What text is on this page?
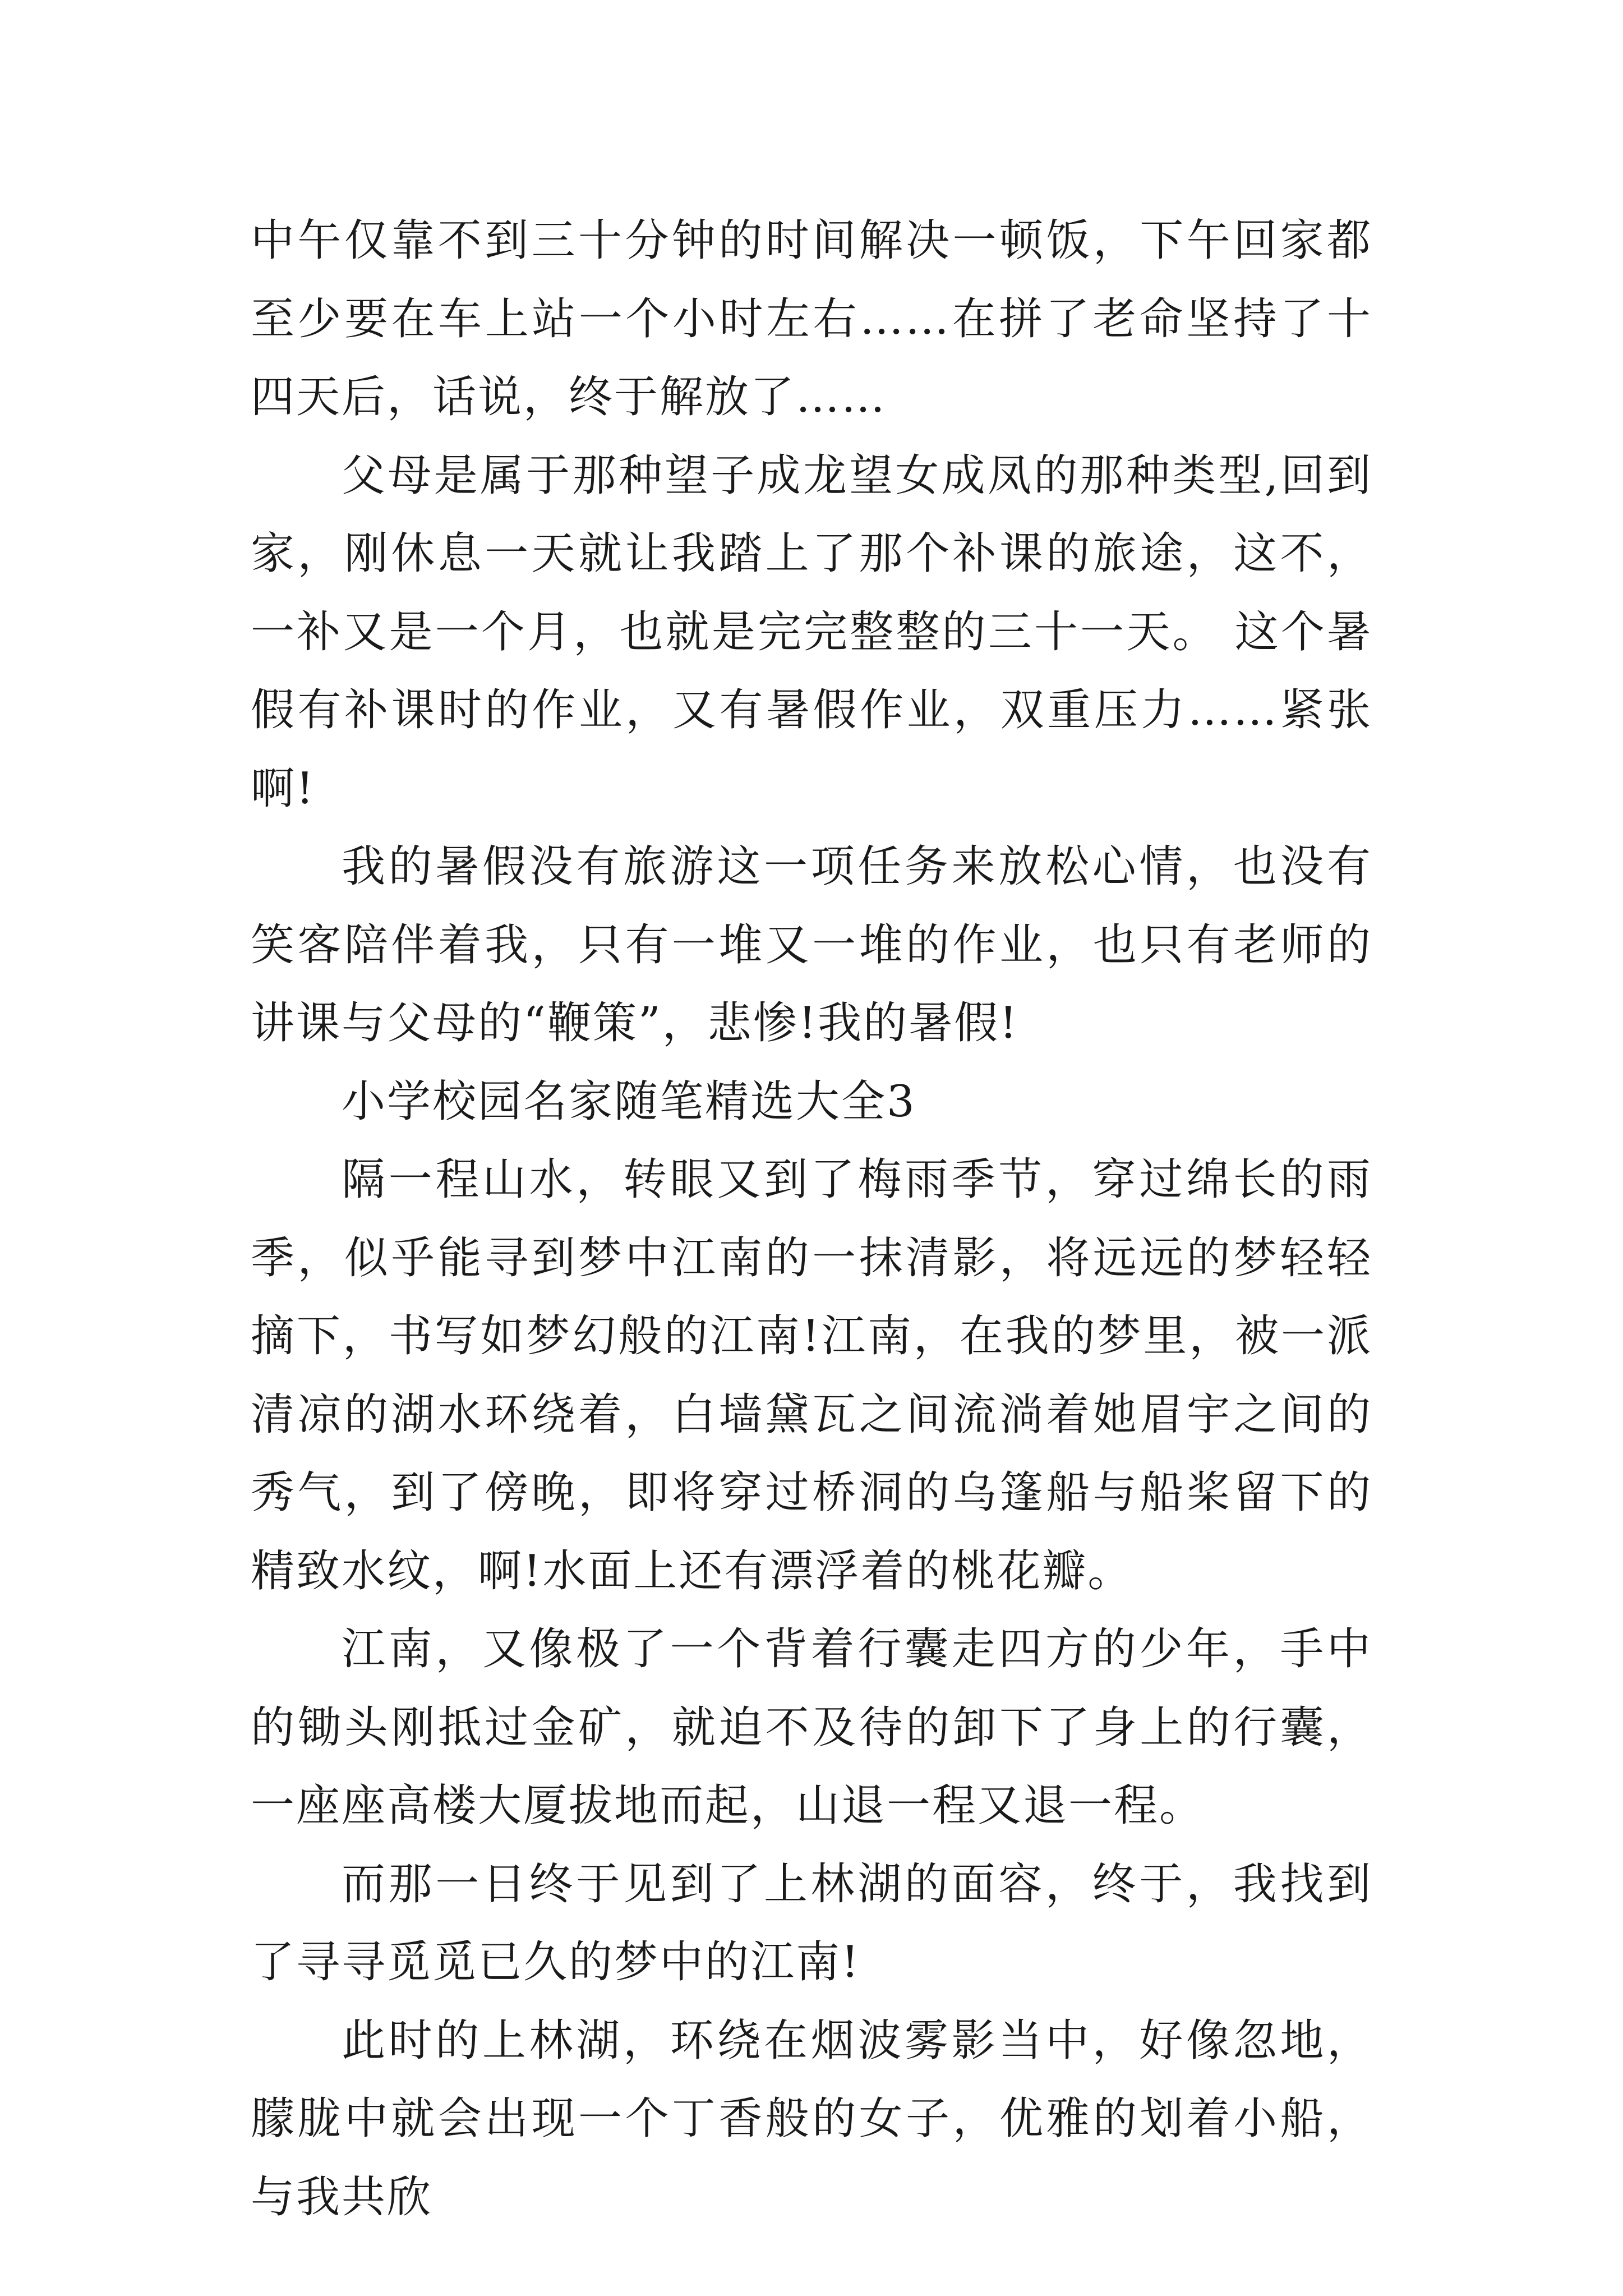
中午仅靠不到三十分钟的时间解决一顿饭，下午回家都至少要在车上站一个小时左右……在拼了老命坚持了十四天后，话说，终于解放了……

父母是属于那种望子成龙望女成凤的那种类型,回到家，刚休息一天就让我踏上了那个补课的旅途，这不，一补又是一个月，也就是完完整整的三十一天。 这个暑假有补课时的作业，又有暑假作业，双重压力……紧张啊!

我的暑假没有旅游这一项任务来放松心情，也没有笑客陪伴着我，只有一堆又一堆的作业，也只有老师的讲课与父母的“鞭策”，悲惨!我的暑假!

小学校园名家随笔精选大全3

隔一程山水，转眼又到了梅雨季节，穿过绵长的雨季，似乎能寻到梦中江南的一抹清影，将远远的梦轻轻摘下，书写如梦幻般的江南!江南，在我的梦里，被一派清凉的湖水环绕着，白墙黛瓦之间流淌着她眉宇之间的秀气，到了傍晚，即将穿过桥洞的乌篷船与船桨留下的精致水纹，啊!水面上还有漂浮着的桃花瓣。

江南，又像极了一个背着行囊走四方的少年，手中的锄头刚抵过金矿，就迫不及待的卸下了身上的行囊，一座座高楼大厦拔地而起，山退一程又退一程。

而那一日终于见到了上林湖的面容，终于，我找到了寻寻觅觅已久的梦中的江南!

此时的上林湖，环绕在烟波雾影当中，好像忽地，朦胧中就会出现一个丁香般的女子，优雅的划着小船，与我共欣
